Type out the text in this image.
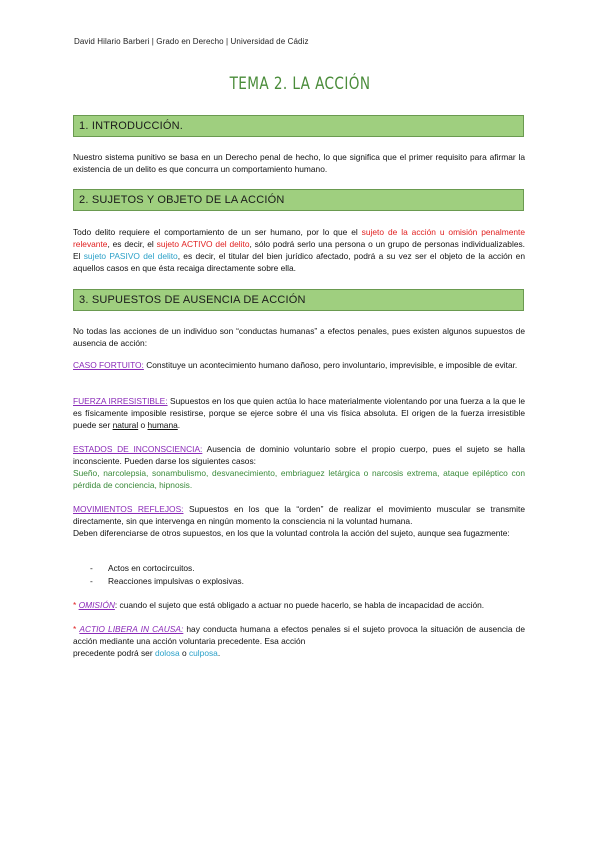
David Hilario Barberi | Grado en Derecho | Universidad de Cádiz
TEMA 2. LA ACCIÓN
1. INTRODUCCIÓN.
Nuestro sistema punitivo se basa en un Derecho penal de hecho, lo que significa que el primer requisito para afirmar la existencia de un delito es que concurra un comportamiento humano.
2. SUJETOS Y OBJETO DE LA ACCIÓN
Todo delito requiere el comportamiento de un ser humano, por lo que el sujeto de la acción u omisión penalmente relevante, es decir, el sujeto ACTIVO del delito, sólo podrá serlo una persona o un grupo de personas individualizables. El sujeto PASIVO del delito, es decir, el titular del bien jurídico afectado, podrá a su vez ser el objeto de la acción en aquellos casos en que ésta recaiga directamente sobre ella.
3. SUPUESTOS DE AUSENCIA DE ACCIÓN
No todas las acciones de un individuo son “conductas humanas” a efectos penales, pues existen algunos supuestos de ausencia de acción:
CASO FORTUITO: Constituye un acontecimiento humano dañoso, pero involuntario, imprevisible, e imposible de evitar.
FUERZA IRRESISTIBLE: Supuestos en los que quien actúa lo hace materialmente violentando por una fuerza a la que le es físicamente imposible resistirse, porque se ejerce sobre él una vis física absoluta. El origen de la fuerza irresistible puede ser natural o humana.
ESTADOS DE INCONSCIENCIA: Ausencia de dominio voluntario sobre el propio cuerpo, pues el sujeto se halla inconsciente. Pueden darse los siguientes casos:
Sueño, narcolepsia, sonambulismo, desvanecimiento, embriaguez letárgica o narcosis extrema, ataque epiléptico con pérdida de conciencia, hipnosis.
MOVIMIENTOS REFLEJOS: Supuestos en los que la “orden” de realizar el movimiento muscular se transmite directamente, sin que intervenga en ningún momento la consciencia ni la voluntad humana.
Deben diferenciarse de otros supuestos, en los que la voluntad controla la acción del sujeto, aunque sea fugazmente:
-	Actos en cortocircuitos.
-	Reacciones impulsivas o explosivas.
* OMISIÓN: cuando el sujeto que está obligado a actuar no puede hacerlo, se habla de incapacidad de acción.
* ACTIO LIBERA IN CAUSA: hay conducta humana a efectos penales si el sujeto provoca la situación de ausencia de acción mediante una acción voluntaria precedente. Esa acción
precedente podrá ser dolosa o culposa.
